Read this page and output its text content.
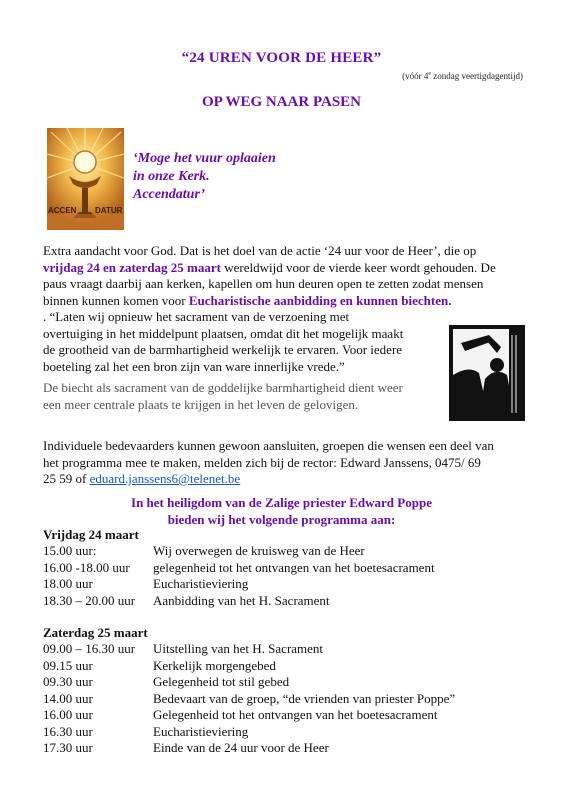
“24 UREN VOOR DE HEER”
(vóór 4e zondag veertigdagentijd)
OP WEG NAAR PASEN
ACCEN DATUR
‘Moge het vuur oplaaien
in onze Kerk.
Accendatur’
Extra aandacht voor God. Dat is het doel van de actie ‘24 uur voor de Heer’, die op
vrijdag 24 en zaterdag 25 maart wereldwijd voor de vierde keer wordt gehouden. De
paus vraagt daarbij aan kerken, kapellen om hun deuren open te zetten zodat mensen
binnen kunnen komen voor Eucharistische aanbidding en kunnen biechten.
. “Laten wij opnieuw het sacrament van de verzoening met
overtuiging in het middelpunt plaatsen, omdat dit het mogelijk maakt
de grootheid van de barmhartigheid werkelijk te ervaren. Voor iedere
boeteling zal het een bron zijn van ware innerlijke vrede.”
De biecht als sacrament van de goddelijke barmhartigheid dient weer
een meer centrale plaats te krijgen in het leven de gelovigen.
Individuele bedevaarders kunnen gewoon aansluiten, groepen die wensen een deel van
het programma mee te maken, melden zich bij de rector: Edward Janssens, 0475/ 69
25 59 of eduard.janssens6@telenet.be
In het heiligdom van de Zalige priester Edward Poppe
bieden wij het volgende programma aan:
Vrijdag 24 maart
15.00 uur:	Wij overwegen de kruisweg van de Heer
16.00 -18.00 uur gelegenheid tot het ontvangen van het boetesacrament
18.00 uur	Eucharistieviering
18.30 – 20.00 uur Aanbidding van het H. Sacrament
Zaterdag 25 maart
09.00 – 16.30 uur Uitstelling van het H. Sacrament
09.15 uur	Kerkelijk morgengebed
09.30 uur	Gelegenheid tot stil gebed
14.00 uur	Bedevaart van de groep, “de vrienden van priester Poppe”
16.00 uur	Gelegenheid tot het ontvangen van het boetesacrament
16.30 uur	Eucharistieviering
17.30 uur	Einde van de 24 uur voor de Heer
